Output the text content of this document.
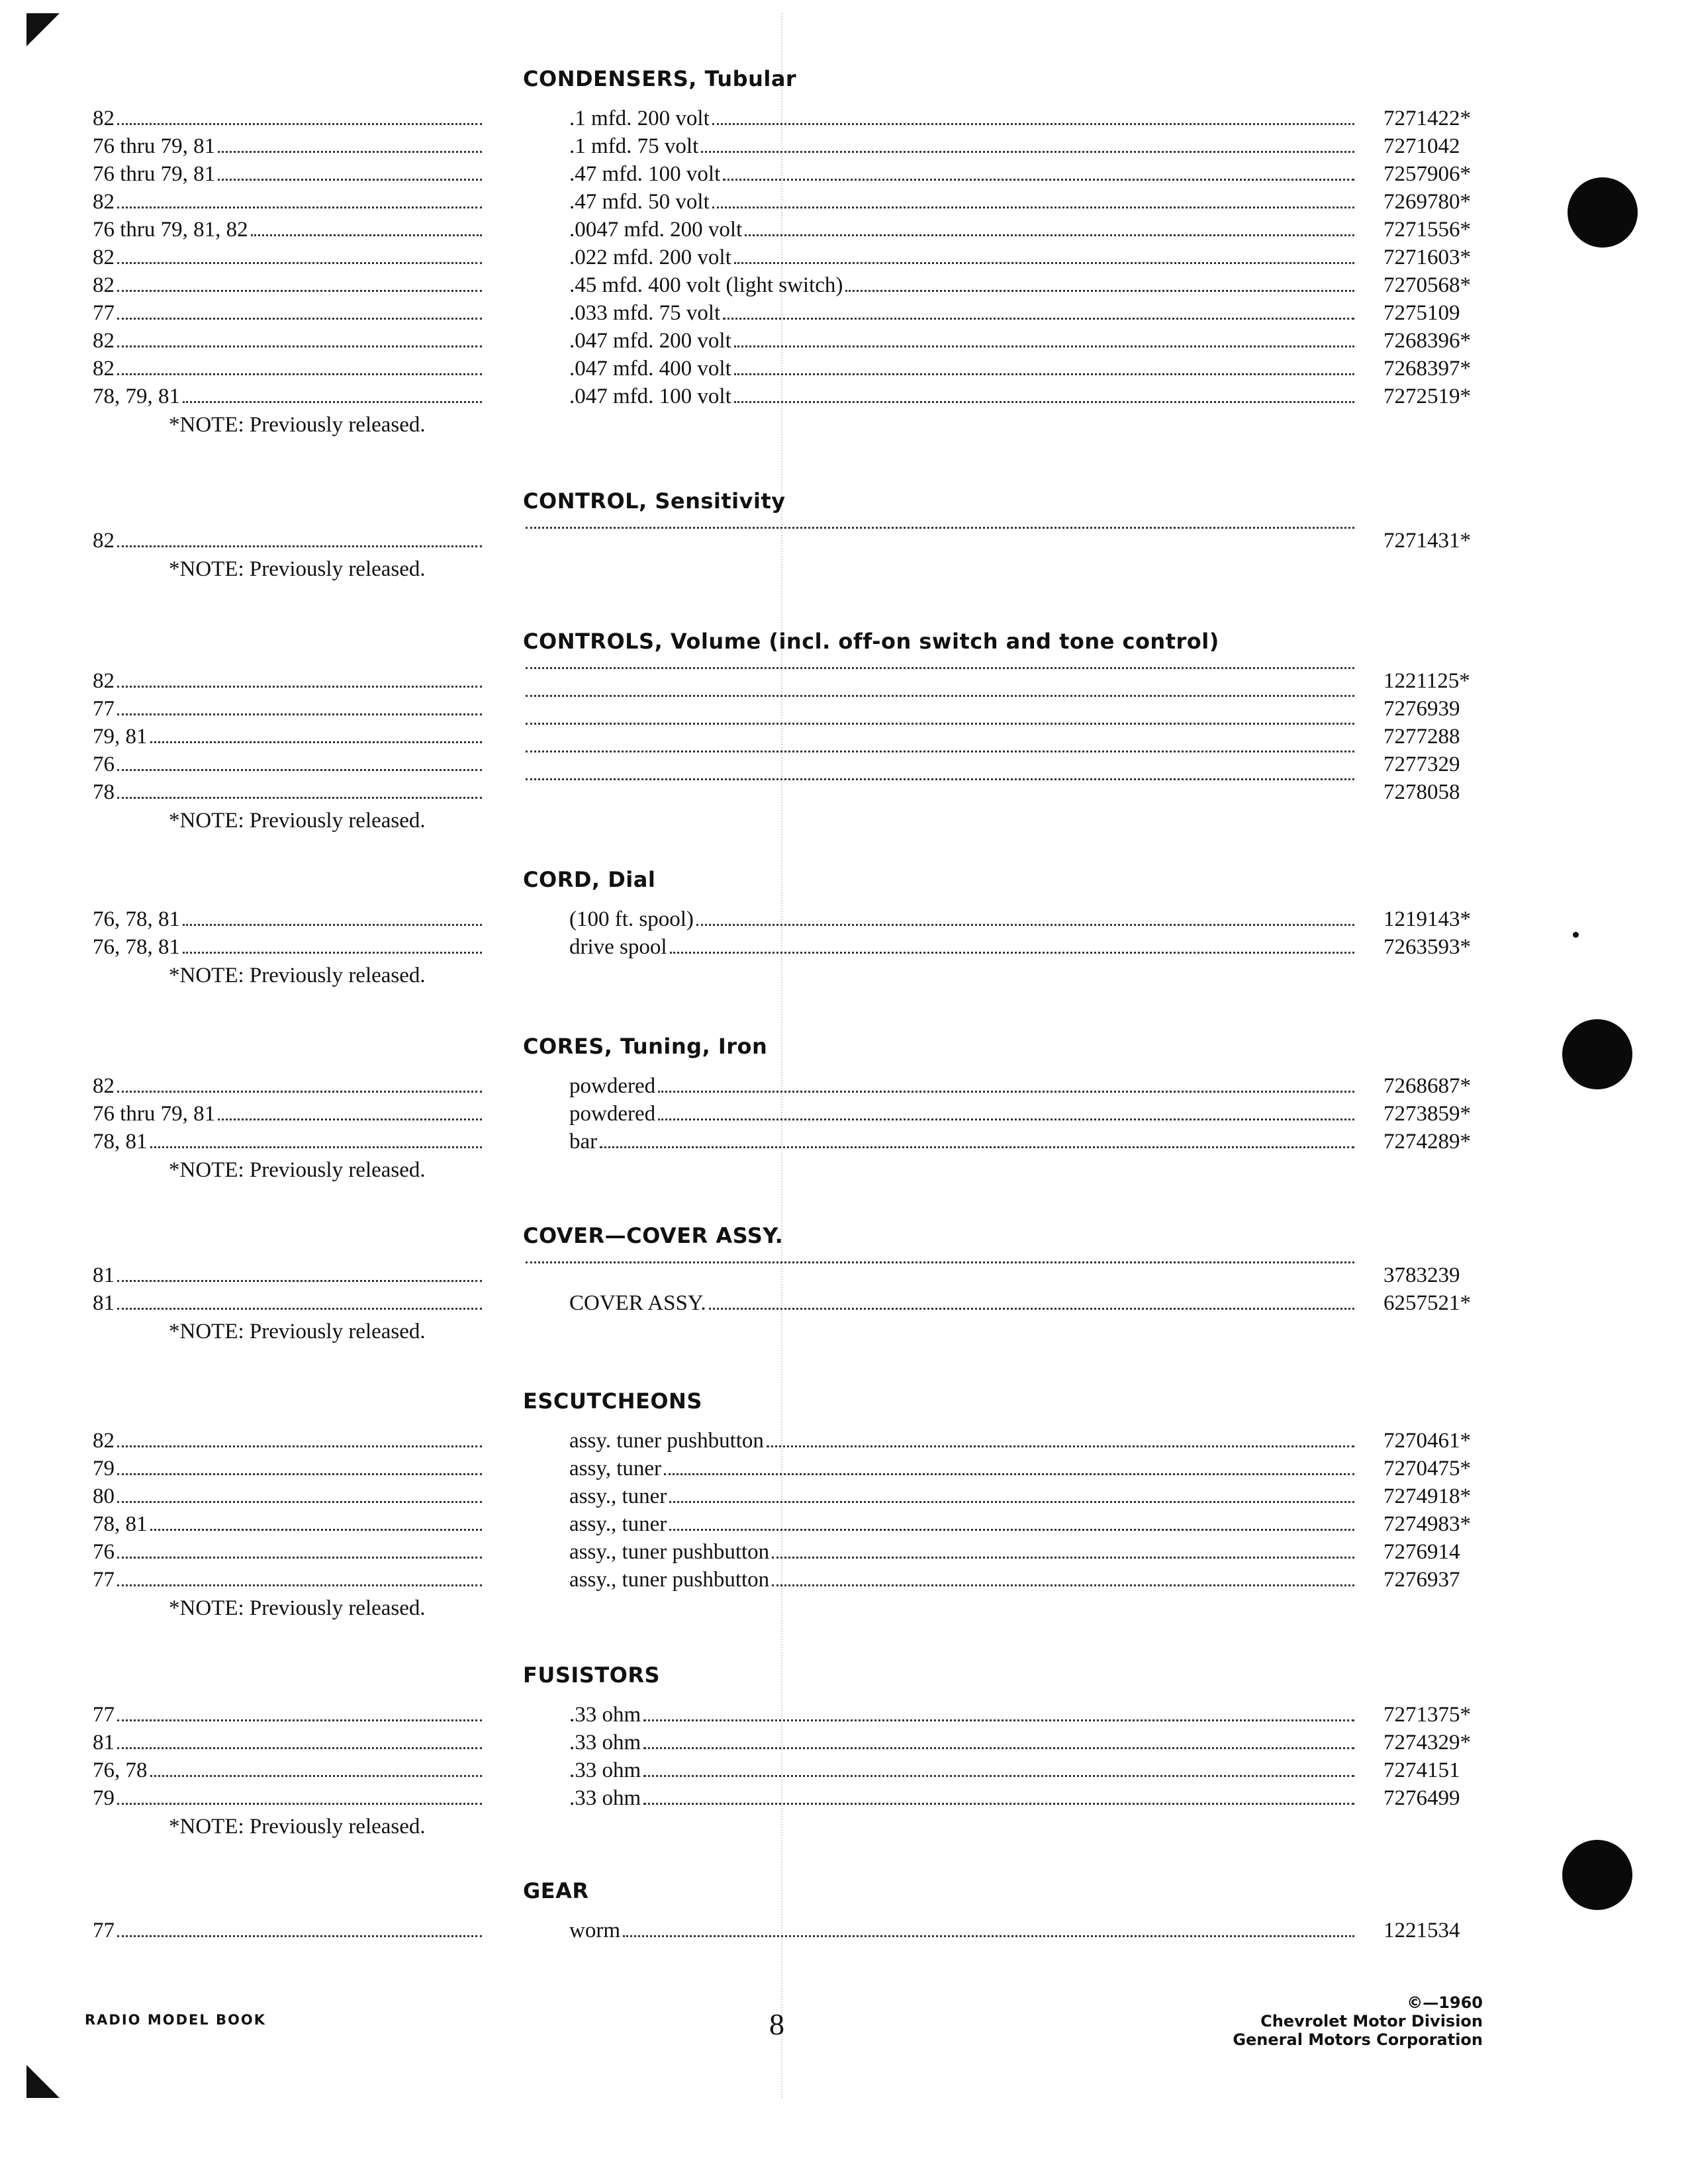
CONDENSERS, Tubular
82	.1 mfd. 200 volt	7271422*
76 thru 79, 81	.1 mfd. 75 volt	7271042
76 thru 79, 81	.47 mfd. 100 volt	7257906*
82	.47 mfd. 50 volt	7269780*
76 thru 79, 81, 82	.0047 mfd. 200 volt	7271556*
82	.022 mfd. 200 volt	7271603*
82	.45 mfd. 400 volt (light switch)	7270568*
77	.033 mfd. 75 volt	7275109
82	.047 mfd. 200 volt	7268396*
82	.047 mfd. 400 volt	7268397*
78, 79, 81	.047 mfd. 100 volt	7272519*
*NOTE: Previously released.
CONTROL, Sensitivity
82	7271431*
*NOTE: Previously released.
CONTROLS, Volume (incl. off-on switch and tone control)
82	1221125*
77	7276939
79, 81	7277288
76	7277329
78	7278058
*NOTE: Previously released.
CORD, Dial
76, 78, 81	(100 ft. spool)	1219143*
76, 78, 81	drive spool	7263593*
*NOTE: Previously released.
CORES, Tuning, Iron
82	powdered	7268687*
76 thru 79, 81	powdered	7273859*
78, 81	bar	7274289*
*NOTE: Previously released.
COVER—COVER ASSY.
81	3783239
81	COVER ASSY.	6257521*
*NOTE: Previously released.
ESCUTCHEONS
82	assy. tuner pushbutton	7270461*
79	assy, tuner	7270475*
80	assy., tuner	7274918*
78, 81	assy., tuner	7274983*
76	assy., tuner pushbutton	7276914
77	assy., tuner pushbutton	7276937
*NOTE: Previously released.
FUSISTORS
77	.33 ohm	7271375*
81	.33 ohm	7274329*
76, 78	.33 ohm	7274151
79	.33 ohm	7276499
*NOTE: Previously released.
GEAR
77	worm	1221534
RADIO MODEL BOOK	8
©—1960
Chevrolet Motor Division
General Motors Corporation
